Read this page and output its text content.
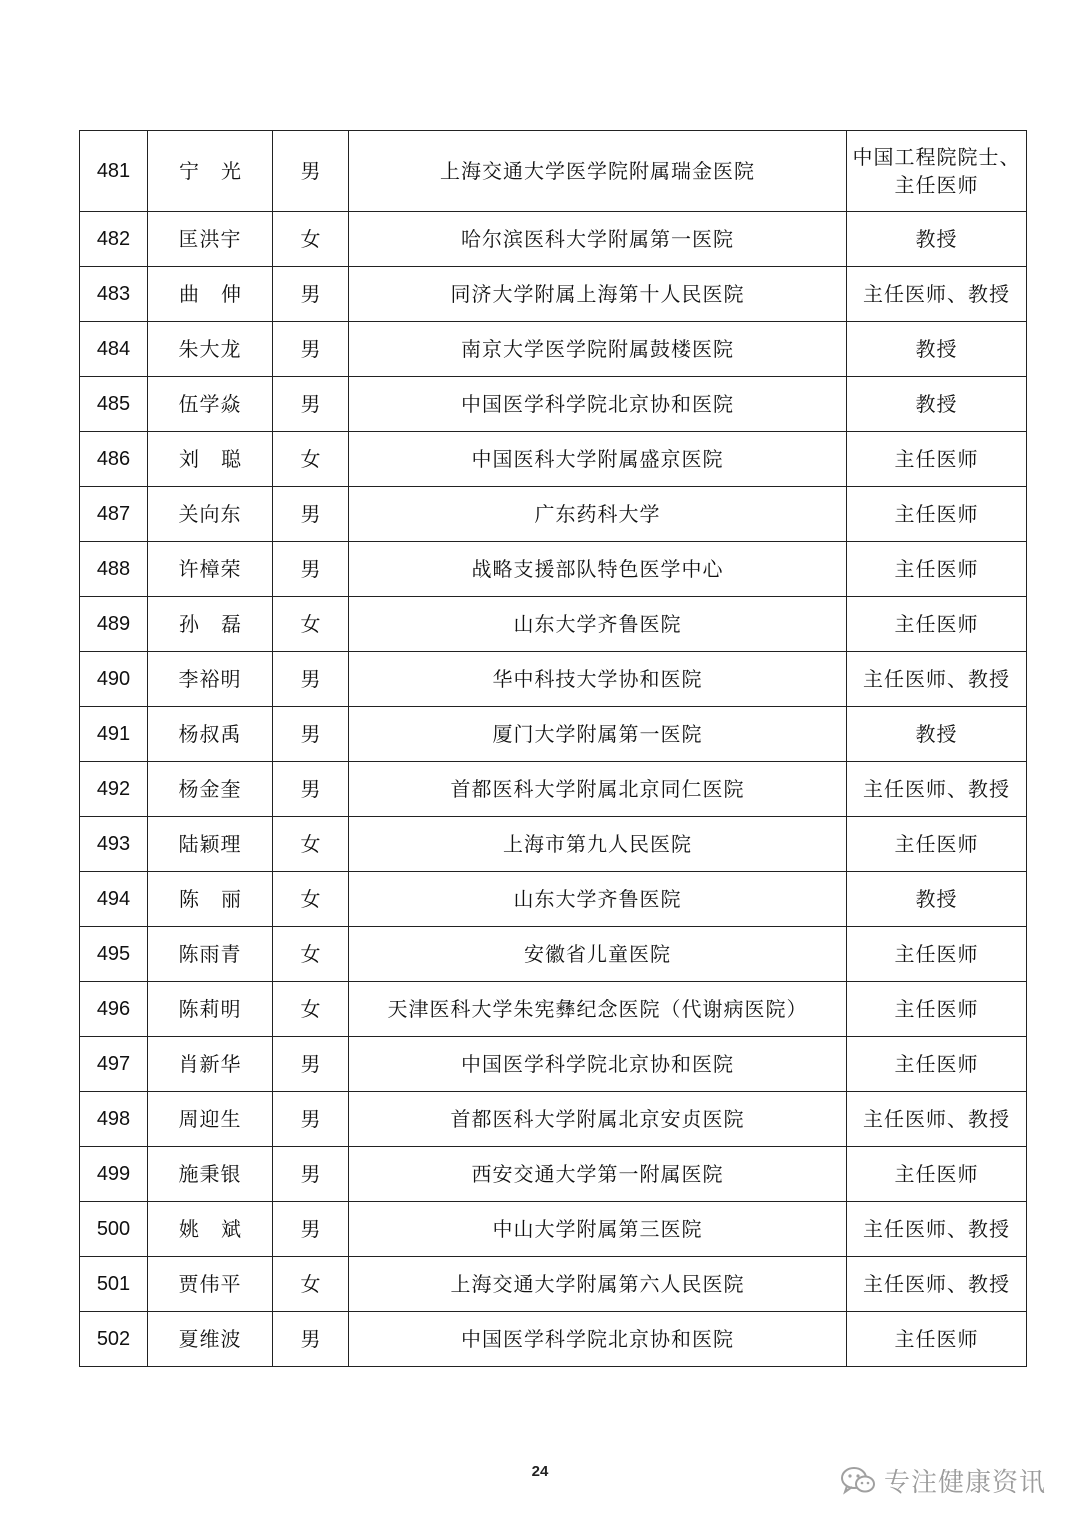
481	宁光	男	上海交通大学医学院附属瑞金医院	中国工程院院士、
主任医师

482	匡洪宇	女	哈尔滨医科大学附属第一医院	教授
483	曲伸	男	同济大学附属上海第十人民医院	主任医师、教授
484	朱大龙	男	南京大学医学院附属鼓楼医院	教授
485	伍学焱	男	中国医学科学院北京协和医院	教授
486	刘聪	女	中国医科大学附属盛京医院	主任医师
487	关向东	男	广东药科大学	主任医师
488	许樟荣	男	战略支援部队特色医学中心	主任医师
489	孙磊	女	山东大学齐鲁医院	主任医师
490	李裕明	男	华中科技大学协和医院	主任医师、教授
491	杨叔禹	男	厦门大学附属第一医院	教授
492	杨金奎	男	首都医科大学附属北京同仁医院	主任医师、教授
493	陆颖理	女	上海市第九人民医院	主任医师
494	陈丽	女	山东大学齐鲁医院	教授
495	陈雨青	女	安徽省儿童医院	主任医师
496	陈莉明	女	天津医科大学朱宪彝纪念医院（代谢病医院）	主任医师
497	肖新华	男	中国医学科学院北京协和医院	主任医师
498	周迎生	男	首都医科大学附属北京安贞医院	主任医师、教授
499	施秉银	男	西安交通大学第一附属医院	主任医师
500	姚斌	男	中山大学附属第三医院	主任医师、教授
501	贾伟平	女	上海交通大学附属第六人民医院	主任医师、教授
502	夏维波	男	中国医学科学院北京协和医院	主任医师
24	专注健康资讯
